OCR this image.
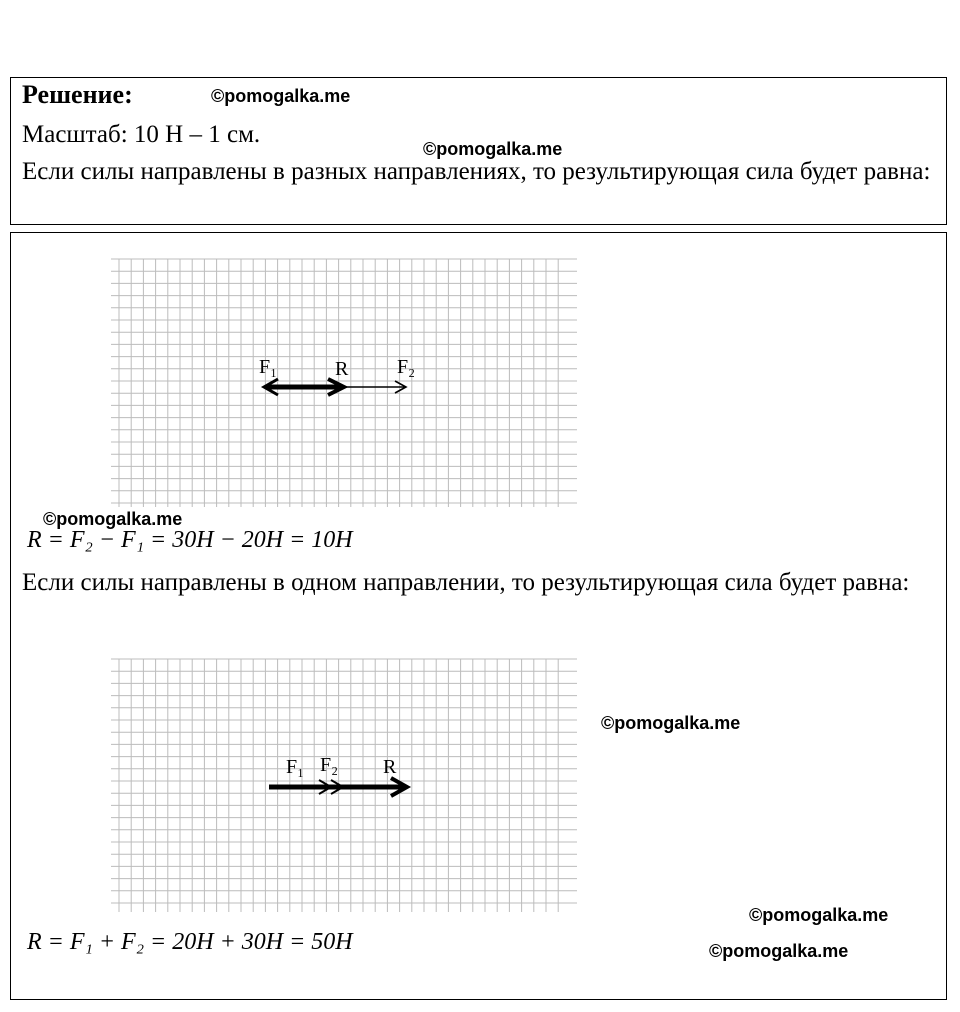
Решение:
Масштаб: 10 Н – 1 см.
Если силы направлены в разных направлениях, то результирующая сила будет равна:
©pomogalka.me
©pomogalka.me
F₁	R F₂
©pomogalka.me
R = F₂ − F₁ = 30H − 20H = 10H
Если силы направлены в одном направлении, то результирующая сила будет равна:
F₁ F₂ R
©pomogalka.me
©pomogalka.me
R = F₁ + F₂ = 20H + 30H = 50H	©pomogalka.me
